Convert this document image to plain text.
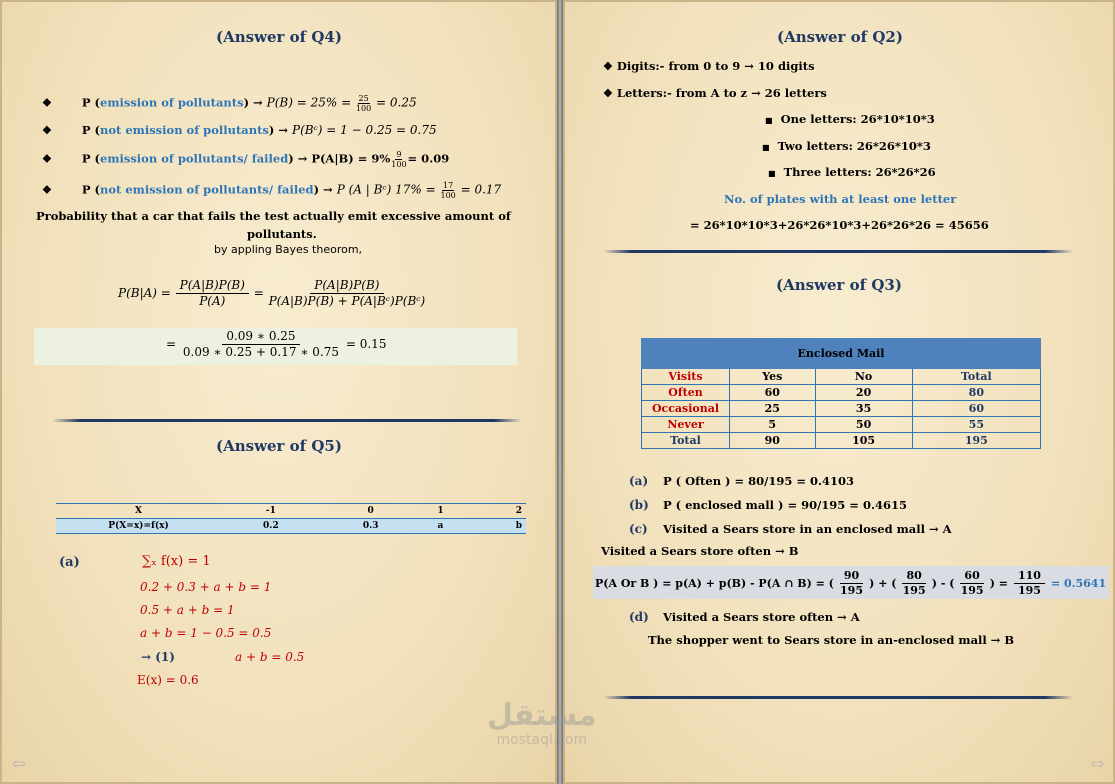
(Answer of Q4)
❖	P (emission of pollutants) → $P(B) = 25\% = \frac{25}{100} = 0.25$
❖	P (not emission of pollutants) → P(Bᶜ) = 1 − 0.25 = 0.75
❖	P (emission of pollutants/ failed) → $P(A|B) = 9\% \frac{9}{100} = 0.09$
❖	P (not emission of pollutants/ failed) → P (A | Bᶜ) $17\% = \frac{17}{100} = 0.17$
Probability that a car that fails the test actually emit excessive amount of
pollutants.
by appling Bayes theorom,
$P(B|A) = \frac{P(A|B)P(B)}{P(A)} = \frac{P(A|B)P(B)}{\text{P(A|B)P(B) + P(A|Bᶜ)P(Bᶜ)}}$
= $\frac{0.09 ∗ 0.25}{0.09 ∗ 0.25 + 0.17 ∗ 0.75} = 0.15$
(Answer of Q5)
X	-1	0	1	2
P(X=x)=f(x)	0.2	0.3	a	b
(a)	∑ₓ f(x) = 1
0.2 + 0.3 + a + b = 1
0.5 + a + b = 1
a + b = 1 − 0.5 = 0.5
→ (1)	a + b = 0.5
E(x) = 0.6
⇦
(Answer of Q2)
❖ Digits:- from 0 to 9 → 10 digits
❖ Letters:- from A to z → 26 letters
■ One letters: 26*10*10*3
■ Two letters: 26*26*10*3
■ Three letters: 26*26*26
No. of plates with at least one letter
= 26*10*10*3+26*26*10*3+26*26*26 = 45656
(Answer of Q3)
Enclosed Mail			
Visits	Yes	No	Total
Often	60	20	80
Occasional	25	35	60
Never	5	50	55
Total	90	105	195
(a) P ( Often ) = 80/195 = 0.4103
(b) P ( enclosed mall ) = 90/195 = 0.4615
(c) Visited a Sears store in an enclosed mall → A
Visited a Sears store often → B
P(A Or B ) = p(A) + p(B) - P(A ∩ B) = ( $\frac{90}{195}$ ) + ( $\frac{80}{195}$ ) - ( $\frac{60}{195}$ ) = $\frac{110}{195} = 0.5641$
(d) Visited a Sears store often → A
The shopper went to Sears store in an-enclosed mall → B
⇨
مستقل
mostaql.com
